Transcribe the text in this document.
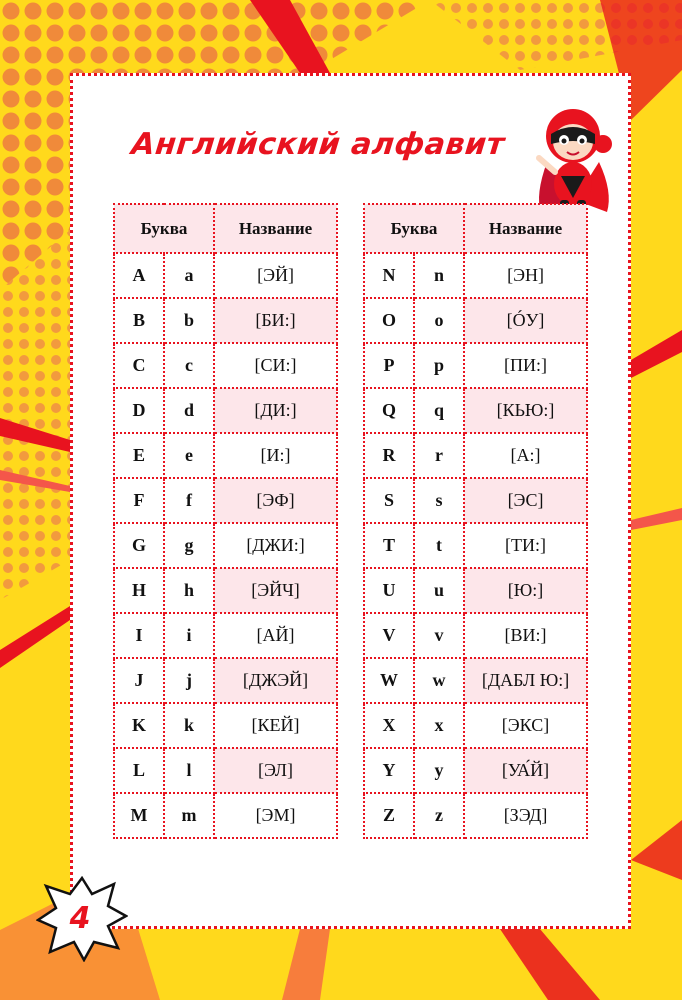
Английский алфавит
Буква		Название
A	a	[ЭЙ]
B	b	[БИ:]
C	c	[СИ:]
D	d	[ДИ:]
E	e	[И:]
F	f	[ЭФ]
G	g	[ДЖИ:]
H	h	[ЭЙЧ]
I	i	[АЙ]
J	j	[ДЖЭЙ]
K	k	[КЕЙ]
L	l	[ЭЛ]
M	m	[ЭМ]
Буква		Название
N	n	[ЭН]
O	o	[ÓУ]
P	p	[ПИ:]
Q	q	[КЬЮ:]
R	r	[А:]
S	s	[ЭС]
T	t	[ТИ:]
U	u	[Ю:]
V	v	[ВИ:]
W	w	[ДАБЛ Ю:]
X	x	[ЭКС]
Y	y	[УА́Й]
Z	z	[ЗЭД]
4
